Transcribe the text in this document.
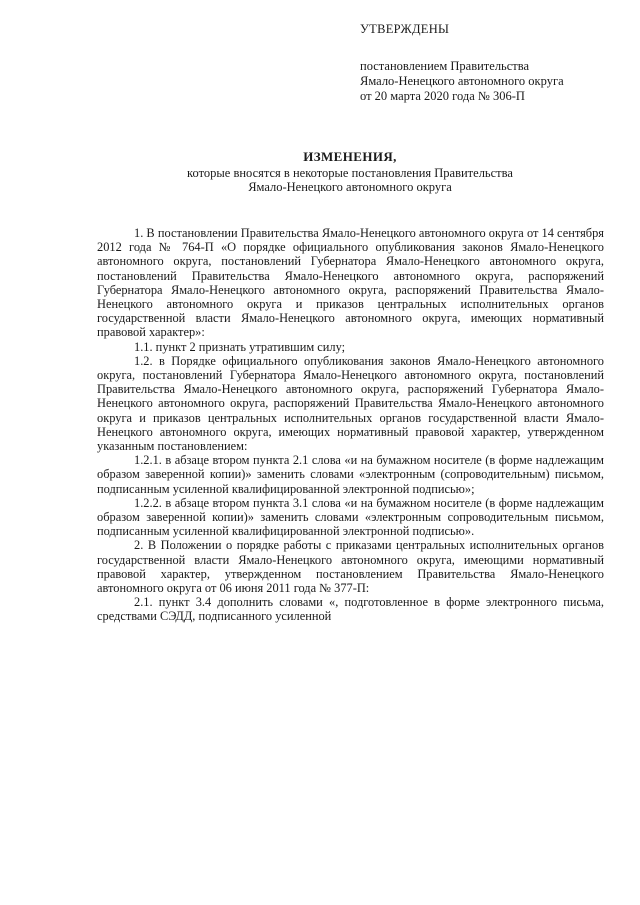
УТВЕРЖДЕНЫ
постановлением Правительства
Ямало-Ненецкого автономного округа
от 20 марта 2020 года № 306-П
ИЗМЕНЕНИЯ,
которые вносятся в некоторые постановления Правительства
Ямало-Ненецкого автономного округа

1. В постановлении Правительства Ямало-Ненецкого автономного округа от 14 сентября 2012 года № 764-П «О порядке официального опубликования законов Ямало-Ненецкого автономного округа, постановлений Губернатора Ямало-Ненецкого автономного округа, постановлений Правительства Ямало-Ненецкого автономного округа, распоряжений Губернатора Ямало-Ненецкого автономного округа, распоряжений Правительства Ямало-Ненецкого автономного округа и приказов центральных исполнительных органов государственной власти Ямало-Ненецкого автономного округа, имеющих нормативный правовой характер»:

1.1. пункт 2 признать утратившим силу;

1.2. в Порядке официального опубликования законов Ямало-Ненецкого автономного округа, постановлений Губернатора Ямало-Ненецкого автономного округа, постановлений Правительства Ямало-Ненецкого автономного округа, распоряжений Губернатора Ямало-Ненецкого автономного округа, распоряжений Правительства Ямало-Ненецкого автономного округа и приказов центральных исполнительных органов государственной власти Ямало-Ненецкого автономного округа, имеющих нормативный правовой характер, утвержденном указанным постановлением:

1.2.1. в абзаце втором пункта 2.1 слова «и на бумажном носителе (в форме надлежащим образом заверенной копии)» заменить словами «электронным (сопроводительным) письмом, подписанным усиленной квалифицированной электронной подписью»;

1.2.2. в абзаце втором пункта 3.1 слова «и на бумажном носителе (в форме надлежащим образом заверенной копии)» заменить словами «электронным сопроводительным письмом, подписанным усиленной квалифицированной электронной подписью».

2. В Положении о порядке работы с приказами центральных исполнительных органов государственной власти Ямало-Ненецкого автономного округа, имеющими нормативный правовой характер, утвержденном постановлением Правительства Ямало-Ненецкого автономного округа от 06 июня 2011 года № 377-П:

2.1. пункт 3.4 дополнить словами «, подготовленное в форме электронного письма, средствами СЭДД, подписанного усиленной
